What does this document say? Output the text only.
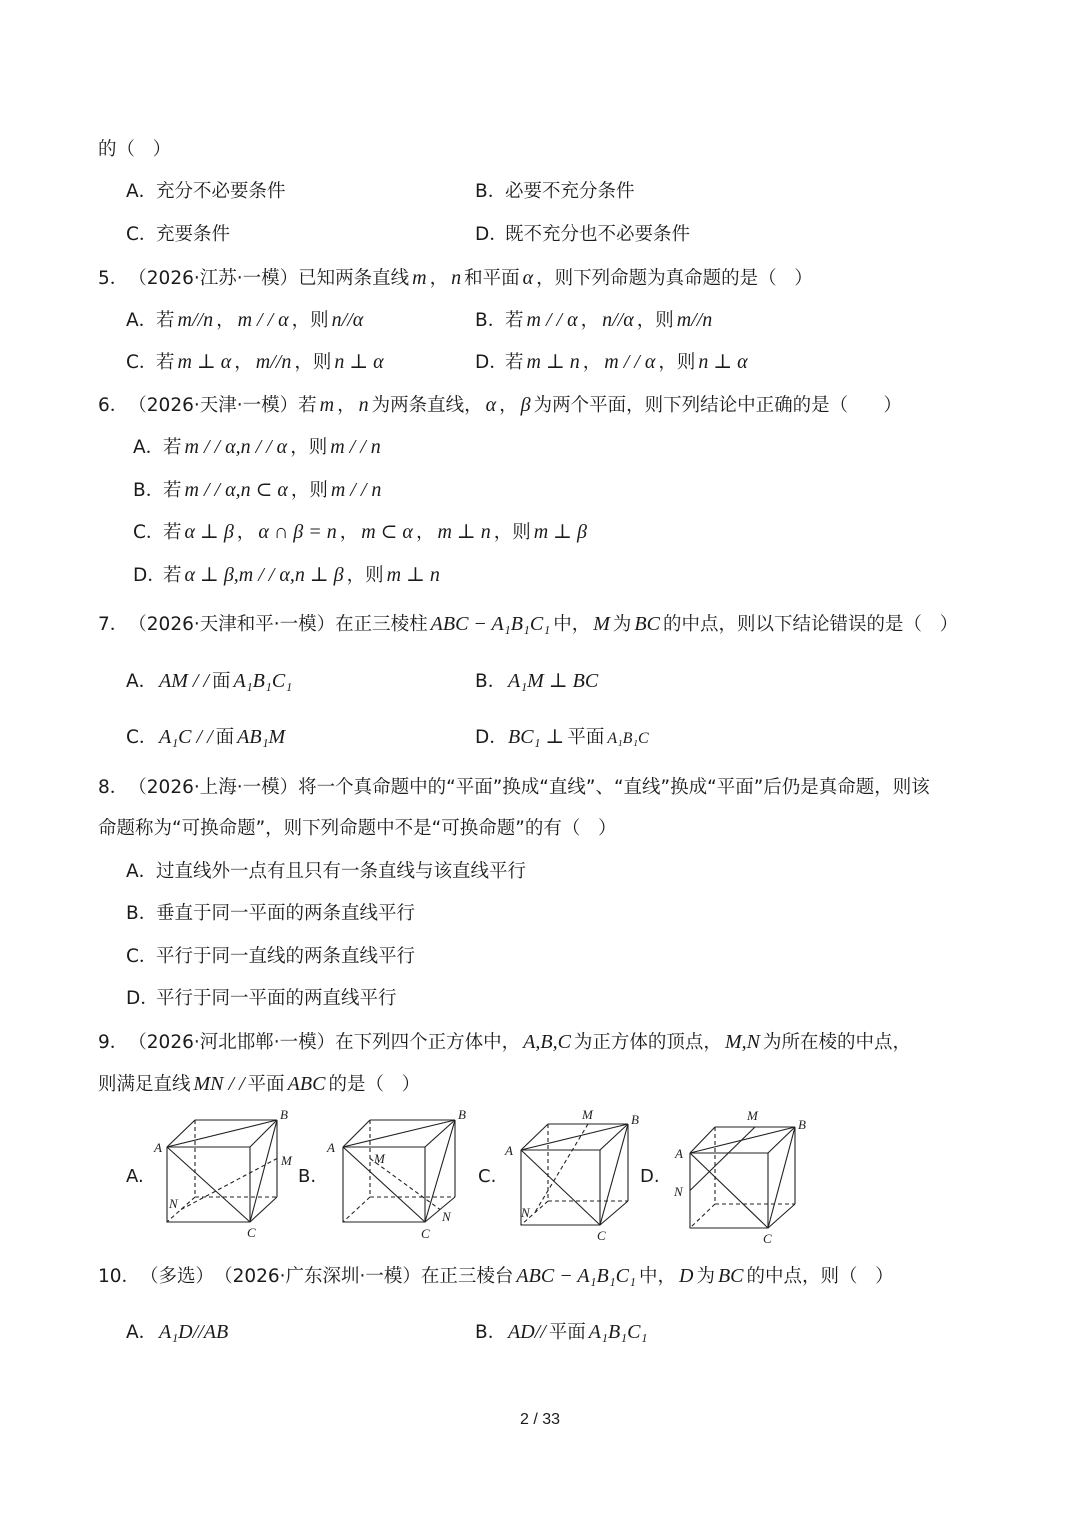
的（   ）
A．
充分不必要条件	B．
必要不充分条件
C．
充要条件	D．
既不充分也不必要条件
5． （2026·江苏·一模） 已知两条直线 m ， n 和平面 α ，则下列命题为真命题的是（   ）
A．
若 m//n ， m / / α ，则 n//α	B．
若 m / / α ， n//α ，则 m//n
C．
若 m ⊥ α ， m//n ，则 n ⊥ α	D．
若 m ⊥ n ， m / / α ，则 n ⊥ α
6． （2026·天津·一模） 若 m ， n 为两条直线， α ， β 为两个平面，则下列结论中正确的是（      ）
A．
若 m / / α,n / / α ，则 m / / n
B．
若 m / / α,n ⊂ α ，则 m / / n
C．
若 α ⊥ β ， α ∩ β = n ， m ⊂ α ， m ⊥ n ，则 m ⊥ β
D．
若 α ⊥ β,m / / α,n ⊥ β ，则 m ⊥ n
7． （2026·天津和平·一模） 在正三棱柱 ABC − A₁B₁C₁ 中， M 为 BC 的中点，则以下结论错误的是（   ）
A． AM / / 面 A₁B₁C₁	B． A₁M ⊥ BC
C． A₁C / / 面 AB₁M	D． BC₁ ⊥ 平面 A₁B₁C
8． （2026·上海·一模） 将一个真命题中的“平面”换成“直线”、“直线”换成“平面”后仍是真命题，则该
命题称为“可换命题”，则下列命题中不是“可换命题”的有（   ）
A．
过直线外一点有且只有一条直线与该直线平行
B．
垂直于同一平面的两条直线平行
C．
平行于同一直线的两条直线平行
D．
平行于同一平面的两直线平行
9． （2026·河北邯郸·一模） 在下列四个正方体中， A,B,C 为正方体的顶点， M,N 为所在棱的中点，
则满足直线 MN / / 平面 ABC 的是（   ）
A.	B.	C.	D.
A
B
C
M
N
A
B
C
M
N
A
B
C
M
N
A
B
C
M
N
10． （多选） （2026·广东深圳·一模） 在正三棱台 ABC − A₁B₁C₁ 中， D 为 BC 的中点，则（   ）
A． A₁D//AB	B． AD// 平面 A₁B₁C₁
2 / 33
